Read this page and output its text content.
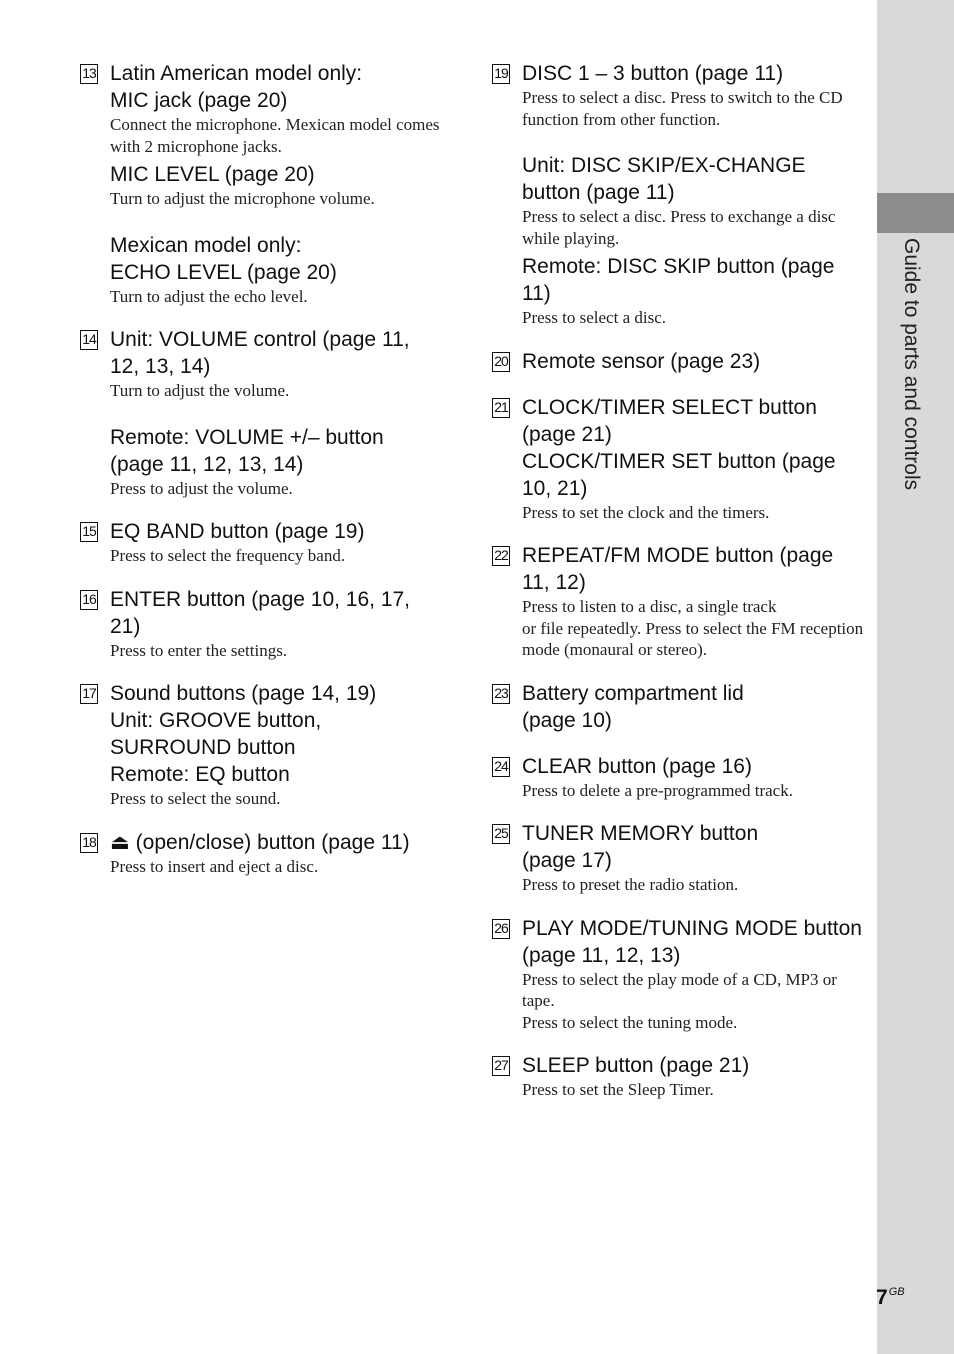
Guide to parts and controls
13 Latin American model only:
MIC jack (page 20)
Connect the microphone. Mexican model comes with 2 microphone jacks.
MIC LEVEL (page 20)
Turn to adjust the microphone volume.
Mexican model only:
ECHO LEVEL (page 20)
Turn to adjust the echo level.
14 Unit: VOLUME control (page 11, 12, 13, 14)
Turn to adjust the volume.
Remote: VOLUME +/– button (page 11, 12, 13, 14)
Press to adjust the volume.
15 EQ BAND button (page 19)
Press to select the frequency band.
16 ENTER button (page 10, 16, 17, 21)
Press to enter the settings.
17 Sound buttons (page 14, 19)
Unit: GROOVE button,
SURROUND button
Remote: EQ button
Press to select the sound.
18 ⏏ (open/close) button (page 11)
Press to insert and eject a disc.
19 DISC 1 – 3 button (page 11)
Press to select a disc. Press to switch to the CD function from other function.
Unit: DISC SKIP/EX-CHANGE button (page 11)
Press to select a disc. Press to exchange a disc while playing.
Remote: DISC SKIP button (page 11)
Press to select a disc.
20 Remote sensor (page 23)
21 CLOCK/TIMER SELECT button (page 21)
CLOCK/TIMER SET button (page 10, 21)
Press to set the clock and the timers.
22 REPEAT/FM MODE button (page 11, 12)
Press to listen to a disc, a single track
or file repeatedly. Press to select the FM reception mode (monaural or stereo).
23 Battery compartment lid
(page 10)
24 CLEAR button (page 16)
Press to delete a pre-programmed track.
25 TUNER MEMORY button
(page 17)
Press to preset the radio station.
26 PLAY MODE/TUNING MODE button (page 11, 12, 13)
Press to select the play mode of a CD, MP3 or tape.
Press to select the tuning mode.
27 SLEEP button (page 21)
Press to set the Sleep Timer.
$7^{GB}$
